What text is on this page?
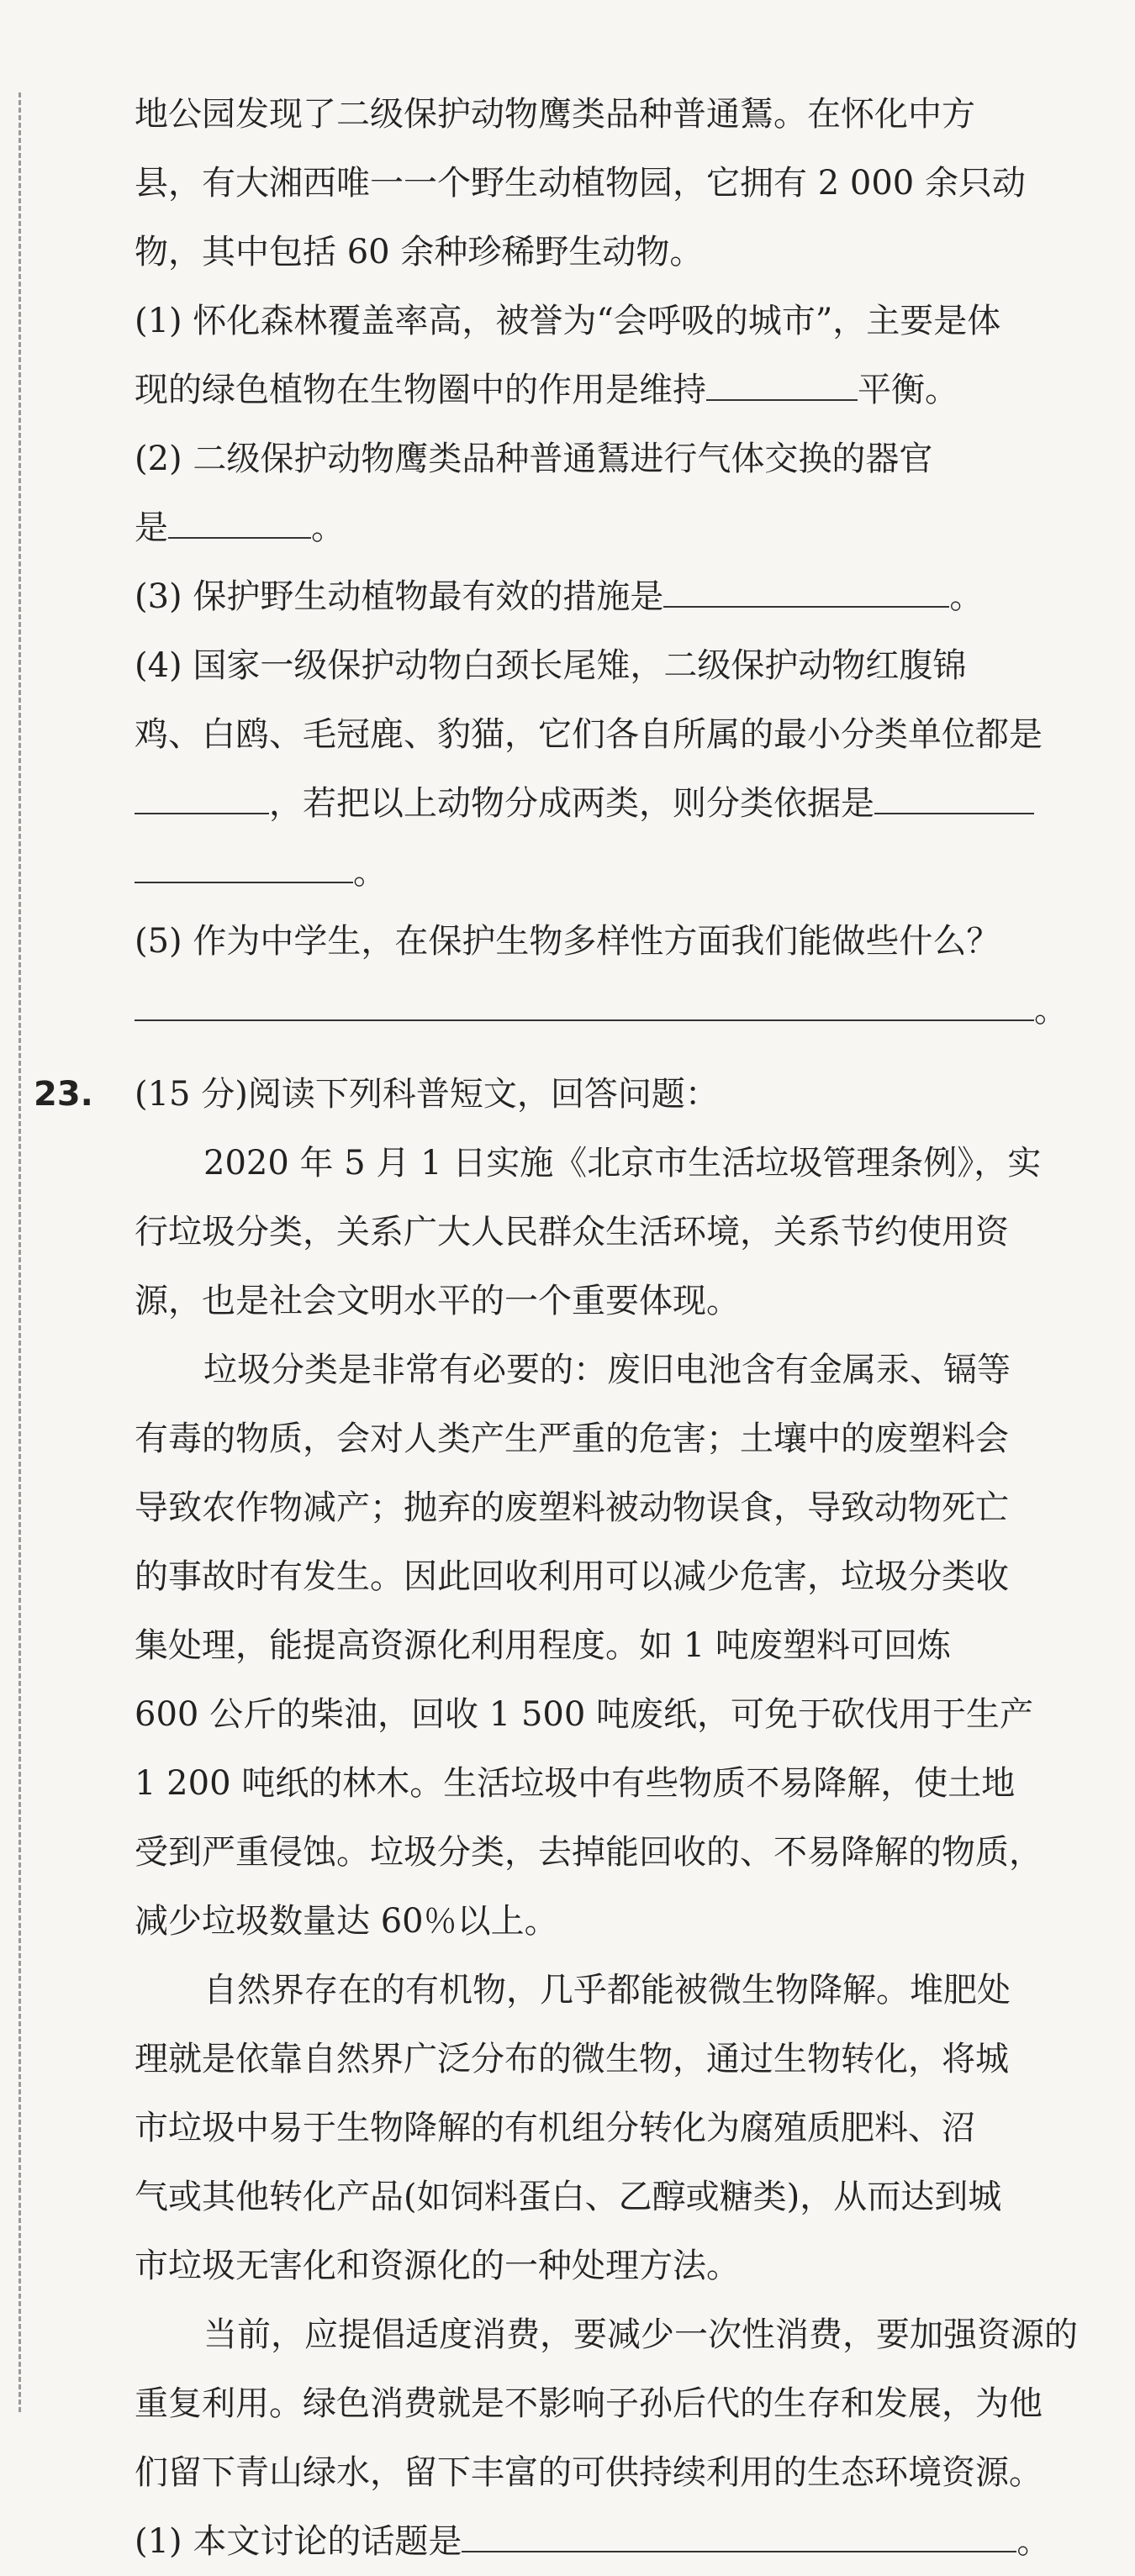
地公园发现了二级保护动物鹰类品种普通鵟。在怀化中方
县，有大湘西唯一一个野生动植物园，它拥有 2 000 余只动
物，其中包括 60 余种珍稀野生动物。
(1) 怀化森林覆盖率高，被誉为“会呼吸的城市”，主要是体
现的绿色植物在生物圈中的作用是维持	平衡。
(2) 二级保护动物鹰类品种普通鵟进行气体交换的器官
是	。
(3) 保护野生动植物最有效的措施是	。
(4) 国家一级保护动物白颈长尾雉，二级保护动物红腹锦
鸡、白鸥、毛冠鹿、豹猫，它们各自所属的最小分类单位都是
，若把以上动物分成两类，则分类依据是
。
(5) 作为中学生，在保护生物多样性方面我们能做些什么？
。
23. (15 分)阅读下列科普短文，回答问题：
2020 年 5 月 1 日实施《北京市生活垃圾管理条例》，实
行垃圾分类，关系广大人民群众生活环境，关系节约使用资
源，也是社会文明水平的一个重要体现。
垃圾分类是非常有必要的：废旧电池含有金属汞、镉等
有毒的物质，会对人类产生严重的危害；土壤中的废塑料会
导致农作物减产；抛弃的废塑料被动物误食，导致动物死亡
的事故时有发生。因此回收利用可以减少危害，垃圾分类收
集处理，能提高资源化利用程度。如 1 吨废塑料可回炼
600 公斤的柴油，回收 1 500 吨废纸，可免于砍伐用于生产
1 200 吨纸的林木。生活垃圾中有些物质不易降解，使土地
受到严重侵蚀。垃圾分类，去掉能回收的、不易降解的物质，
减少垃圾数量达 60％以上。
自然界存在的有机物，几乎都能被微生物降解。堆肥处
理就是依靠自然界广泛分布的微生物，通过生物转化，将城
市垃圾中易于生物降解的有机组分转化为腐殖质肥料、沼
气或其他转化产品(如饲料蛋白、乙醇或糖类)，从而达到城
市垃圾无害化和资源化的一种处理方法。
当前，应提倡适度消费，要减少一次性消费，要加强资源的
重复利用。绿色消费就是不影响子孙后代的生存和发展，为他
们留下青山绿水，留下丰富的可供持续利用的生态环境资源。
(1) 本文讨论的话题是	。
